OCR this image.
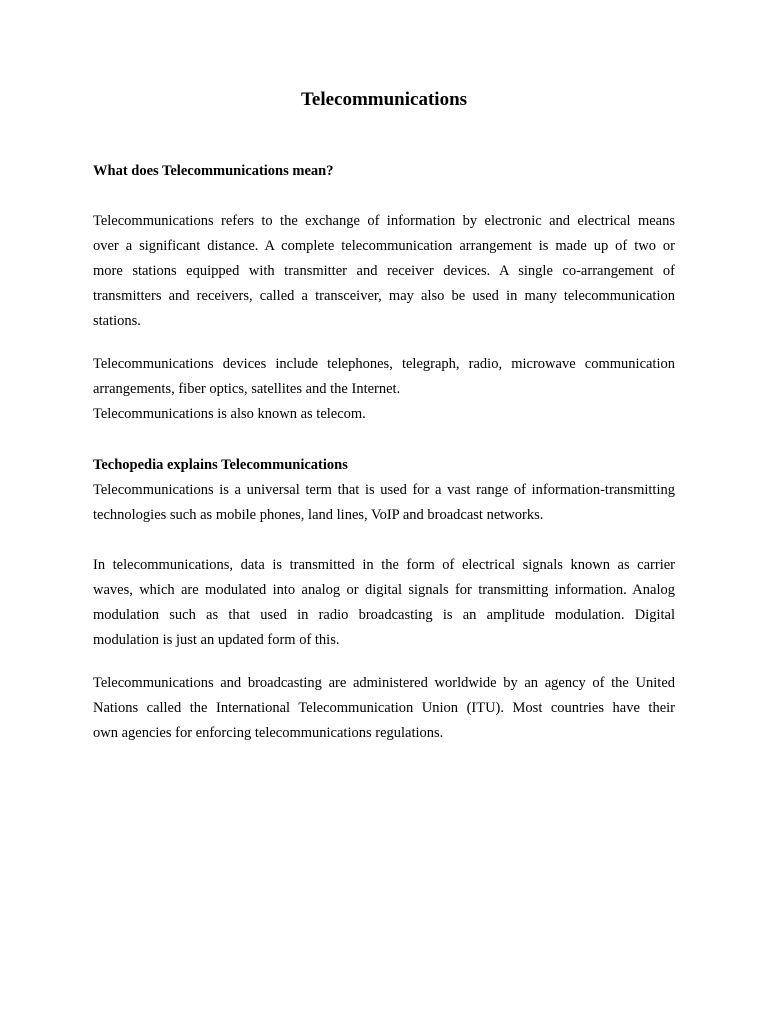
Telecommunications
What does Telecommunications mean?

Telecommunications refers to the exchange of information by electronic and electrical means
over a significant distance. A complete telecommunication arrangement is made up of two or
more stations equipped with transmitter and receiver devices. A single co-arrangement of
transmitters and receivers, called a transceiver, may also be used in many telecommunication
stations.

Telecommunications devices include telephones, telegraph, radio, microwave communication
arrangements, fiber optics, satellites and the Internet.
Telecommunications is also known as telecom.

Techopedia explains Telecommunications

Telecommunications is a universal term that is used for a vast range of information-transmitting
technologies such as mobile phones, land lines, VoIP and broadcast networks.

In telecommunications, data is transmitted in the form of electrical signals known as carrier
waves, which are modulated into analog or digital signals for transmitting information. Analog
modulation such as that used in radio broadcasting is an amplitude modulation. Digital
modulation is just an updated form of this.

Telecommunications and broadcasting are administered worldwide by an agency of the United
Nations called the International Telecommunication Union (ITU). Most countries have their
own agencies for enforcing telecommunications regulations.
